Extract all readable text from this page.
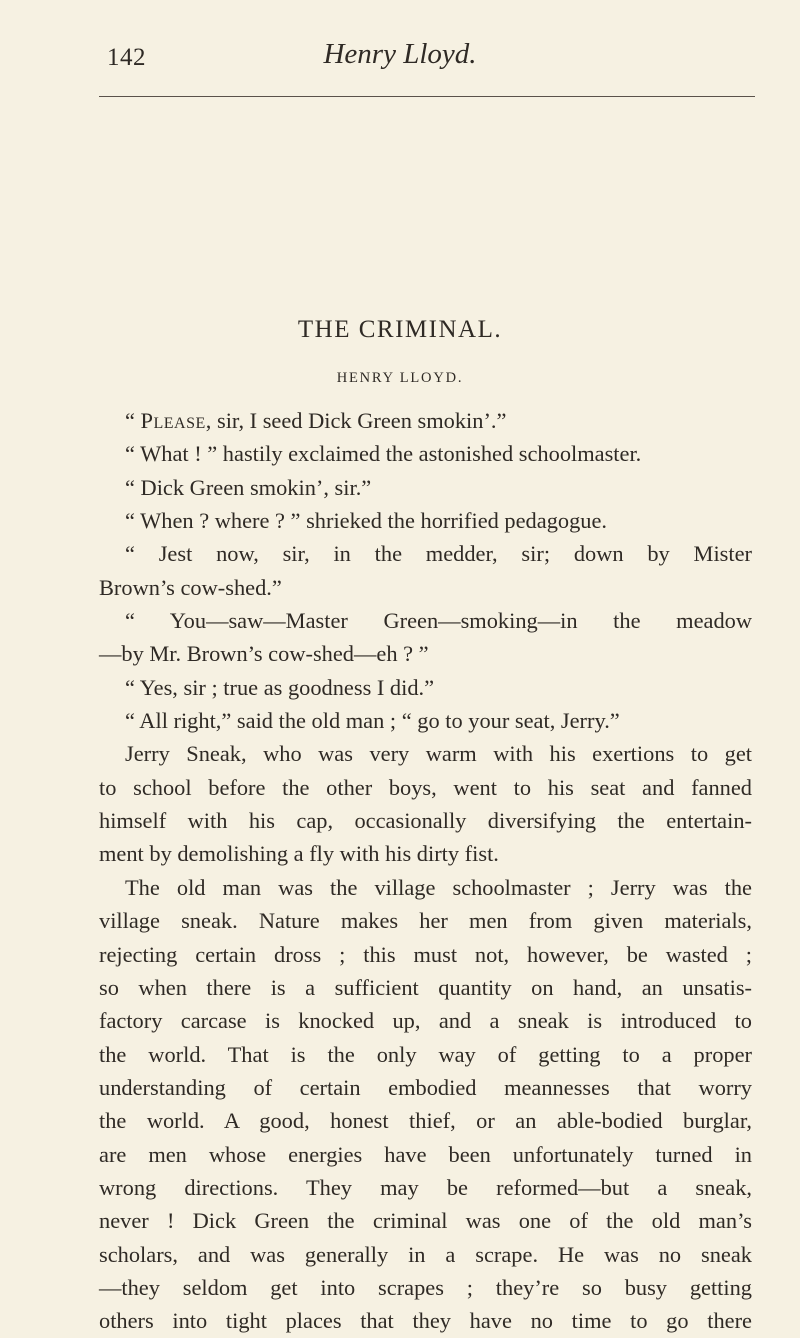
142	Henry Lloyd.
THE CRIMINAL.
HENRY LLOYD.
“ Please, sir, I seed Dick Green smokin’.”
“ What ! ” hastily exclaimed the astonished schoolmaster.
“ Dick Green smokin’, sir.”
“ When ? where ? ” shrieked the horrified pedagogue.
“ Jest now, sir, in the medder, sir; down by Mister
Brown’s cow-shed.”
“ You—saw—Master Green—smoking—in the meadow
—by Mr. Brown’s cow-shed—eh ? ”
“ Yes, sir ; true as goodness I did.”
“ All right,” said the old man ; “ go to your seat, Jerry.”
Jerry Sneak, who was very warm with his exertions to get
to school before the other boys, went to his seat and fanned
himself with his cap, occasionally diversifying the entertain-
ment by demolishing a fly with his dirty fist.
The old man was the village schoolmaster ; Jerry was the
village sneak. Nature makes her men from given materials,
rejecting certain dross ; this must not, however, be wasted ;
so when there is a sufficient quantity on hand, an unsatis-
factory carcase is knocked up, and a sneak is introduced to
the world. That is the only way of getting to a proper
understanding of certain embodied meannesses that worry
the world. A good, honest thief, or an able-bodied burglar,
are men whose energies have been unfortunately turned in
wrong directions. They may be reformed—but a sneak,
never ! Dick Green the criminal was one of the old man’s
scholars, and was generally in a scrape. He was no sneak
—they seldom get into scrapes ; they’re so busy getting
others into tight places that they have no time to go there
